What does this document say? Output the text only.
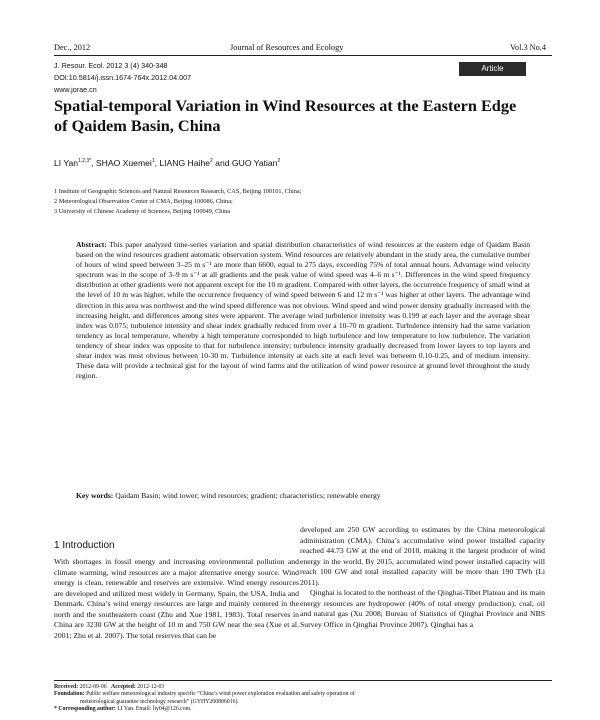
Dec., 2012	Journal of Resources and Ecology	Vol.3 No.4
J. Resour. Ecol. 2012 3 (4) 340-348
DOI:10.5814/j.issn.1674-764x.2012.04.007
www.jorae.cn
Article
Spatial-temporal Variation in Wind Resources at the Eastern Edge of Qaidem Basin, China
LI Yan$^{1,2,3*}$, SHAO Xuemei$^1$, LIANG Haihe$^2$ and GUO Yatian$^2$
1 Institute of Geographic Sciences and Natural Resources Research, CAS, Beijing 100101, China;
2 Meteorological Observation Center of CMA, Beijing 100086, China;
3 University of Chinese Academy of Sciences, Beijing 100049, China
Abstract: This paper analyzed time-series variation and spatial distribution characteristics of wind resources at the eastern edge of Qaidam Basin based on the wind resources gradient automatic observation system. Wind resources are relatively abundant in the study area, the cumulative number of hours of wind speed between 3–25 m s⁻¹ are more than 6600, equal to 275 days, exceeding 75% of total annual hours. Advantage wind velocity spectrum was in the scope of 3–9 m s⁻¹ at all gradients and the peak value of wind speed was 4–6 m s⁻¹. Differences in the wind speed frequency distribution at other gradients were not apparent except for the 10 m gradient. Compared with other layers, the occurrence frequency of small wind at the level of 10 m was higher, while the occurrence frequency of wind speed between 6 and 12 m s⁻¹ was higher at other layers. The advantage wind direction in this area was northwest and the wind speed difference was not obvious. Wind speed and wind power density gradually increased with the increasing height, and differences among sites were apparent. The average wind turbulence intensity was 0.199 at each layer and the average shear index was 0.075; turbulence intensity and shear index gradually reduced from over a 10-70 m gradient. Turbulence intensity had the same variation tendency as local temperature, whereby a high temperature corresponded to high turbulence and low temperature to low turbulence. The variation tendency of shear index was opposite to that for turbulence intensity; turbulence intensity gradually decreased from lower layers to top layers and shear index was most obvious between 10-30 m. Turbulence intensity at each site at each level was between 0.10-0.25, and of medium intensity. These data will provide a technical gist for the layout of wind farms and the utilization of wind power resource at ground level throughout the study region.
Key words: Qaidam Basin; wind tower; wind resources; gradient; characteristics; renewable energy
1 Introduction

With shortages in fossil energy and increasing environmental pollution and climate warming, wind resources are a major alternative energy source. Wind energy is clean, renewable and reserves are extensive. Wind energy resources are developed and utilized most widely in Germany, Spain, the USA, India and Denmark. China’s wind energy resources are large and mainly centered in the north and the southeastern coast (Zhu and Xue 1981, 1983). Total reserves in China are 3230 GW at the height of 10 m and 750 GW near the sea (Xue et al. 2001; Zhu et al. 2007). The total reserves that can be

developed are 250 GW according to estimates by the China meteorological administration (CMA). China’s accumulative wind power installed capacity reached 44.73 GW at the end of 2010, making it the largest producer of wind energy in the world. By 2015, accumulated wind power installed capacity will reach 100 GW and total installed capacity will be more than 190 TWh (Li 2011).

Qinghai is located to the northeast of the Qinghai-Tibet Plateau and its main energy resources are hydropower (40% of total energy production), coal, oil and natural gas (Xu 2008; Bureau of Statistics of Qinghai Province and NBS Survey Office in Qinghai Province 2007). Qinghai has a

Received: 2012-09-06 Accepted: 2012-12-03

Foundation: Public welfare meteorological industry specific “China’s wind power exploration evaluation and safety operation of

meteorological guarantee technology research” (GYHY200806016).

* Corresponding author: LI Yan. Email: liy04@126.com.
